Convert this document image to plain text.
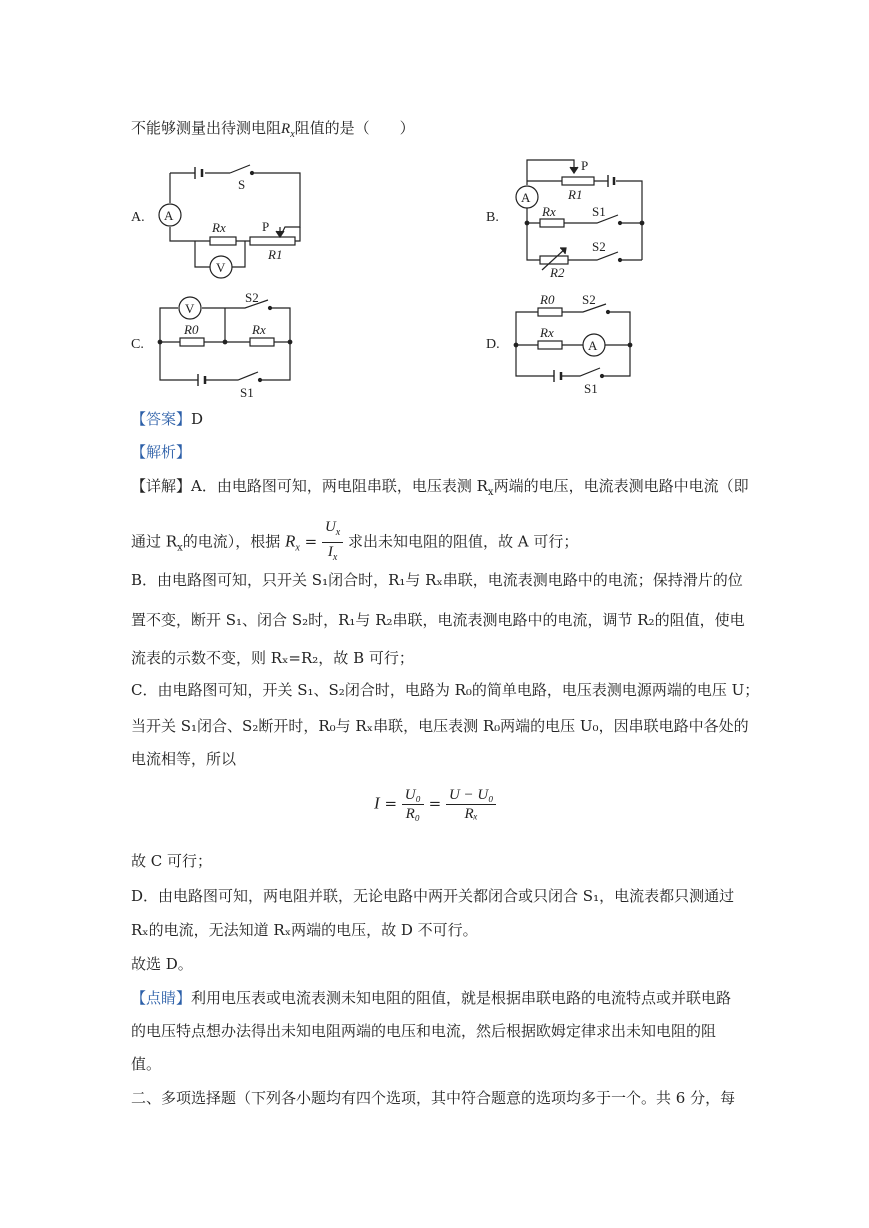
不能够测量出待测电阻$R_x$阻值的是（　　）
A.	B.
C.	D.
S
A
Rx	P
R1
V
P
R1
A
Rx	S1
R2
S2
V
S2
R0	Rx
S1
R0 S2
A
Rx
S1
【答案】D
【解析】
【详解】A．由电路图可知，两电阻串联，电压表测 $R_x$两端的电压，电流表测电路中电流（即
通过 $R_x$的电流），根据 $R_x = \frac{U_x}{I_x}$ 求出未知电阻的阻值，故 A 可行；
B．由电路图可知，只开关 S₁闭合时，R₁与 Rₓ串联，电流表测电路中的电流；保持滑片的位
置不变，断开 S₁、闭合 S₂时，R₁与 R₂串联，电流表测电路中的电流，调节 R₂的阻值，使电
流表的示数不变，则 Rₓ=R₂，故 B 可行；
C．由电路图可知，开关 S₁、S₂闭合时，电路为 R₀的简单电路，电压表测电源两端的电压 U；
当开关 S₁闭合、S₂断开时，R₀与 Rₓ串联，电压表测 R₀两端的电压 U₀，因串联电路中各处的
电流相等，所以
$I = \frac{\text{U₀}}{\text{R₀}} = \frac{\text{U − U₀}}{\text{Rₓ}}$
故 C 可行；
D．由电路图可知，两电阻并联，无论电路中两开关都闭合或只闭合 S₁，电流表都只测通过
Rₓ的电流，无法知道 Rₓ两端的电压，故 D 不可行。
故选 D。
【点睛】利用电压表或电流表测未知电阻的阻值，就是根据串联电路的电流特点或并联电路
的电压特点想办法得出未知电阻两端的电压和电流，然后根据欧姆定律求出未知电阻的阻
值。
二、多项选择题（下列各小题均有四个选项，其中符合题意的选项均多于一个。共 6 分，每
